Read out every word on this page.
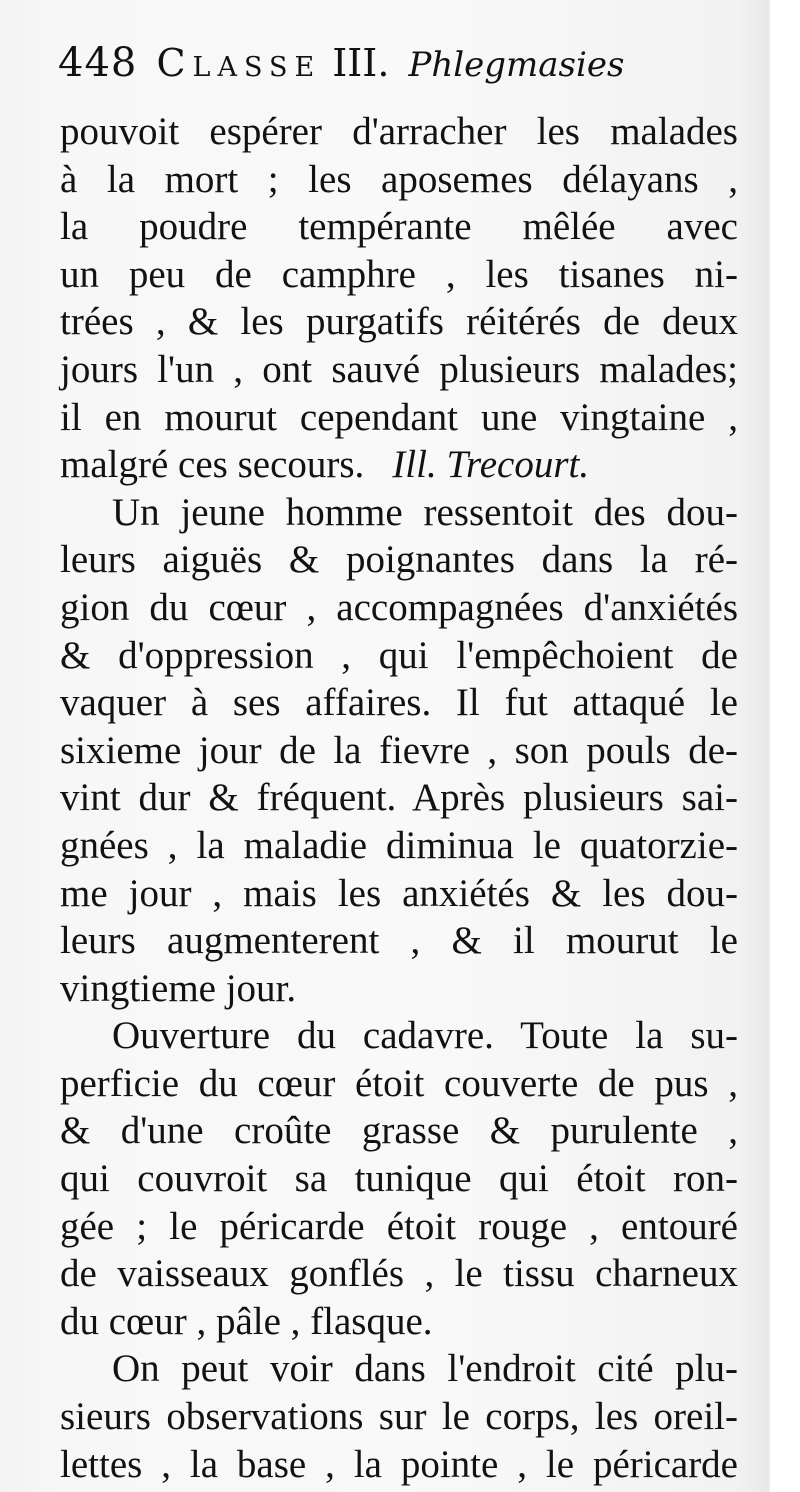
448 Classe III. Phlegmasies
pouvoit espérer d'arracher les malades
à la mort ; les aposemes délayans ,
la poudre tempérante mêlée avec
un peu de camphre , les tisanes ni-
trées , & les purgatifs réitérés de deux
jours l'un , ont sauvé plusieurs malades;
il en mourut cependant une vingtaine ,
malgré ces secours. Ill. Trecourt.
Un jeune homme ressentoit des dou-
leurs aiguës & poignantes dans la ré-
gion du cœur , accompagnées d'anxiétés
& d'oppression , qui l'empêchoient de
vaquer à ses affaires. Il fut attaqué le
sixieme jour de la fievre , son pouls de-
vint dur & fréquent. Après plusieurs sai-
gnées , la maladie diminua le quatorzie-
me jour , mais les anxiétés & les dou-
leurs augmenterent , & il mourut le
vingtieme jour.
Ouverture du cadavre. Toute la su-
perficie du cœur étoit couverte de pus ,
& d'une croûte grasse & purulente ,
qui couvroit sa tunique qui étoit ron-
gée ; le péricarde étoit rouge , entouré
de vaisseaux gonflés , le tissu charneux
du cœur , pâle , flasque.
On peut voir dans l'endroit cité plu-
sieurs observations sur le corps, les oreil-
lettes , la base , la pointe , le péricarde
